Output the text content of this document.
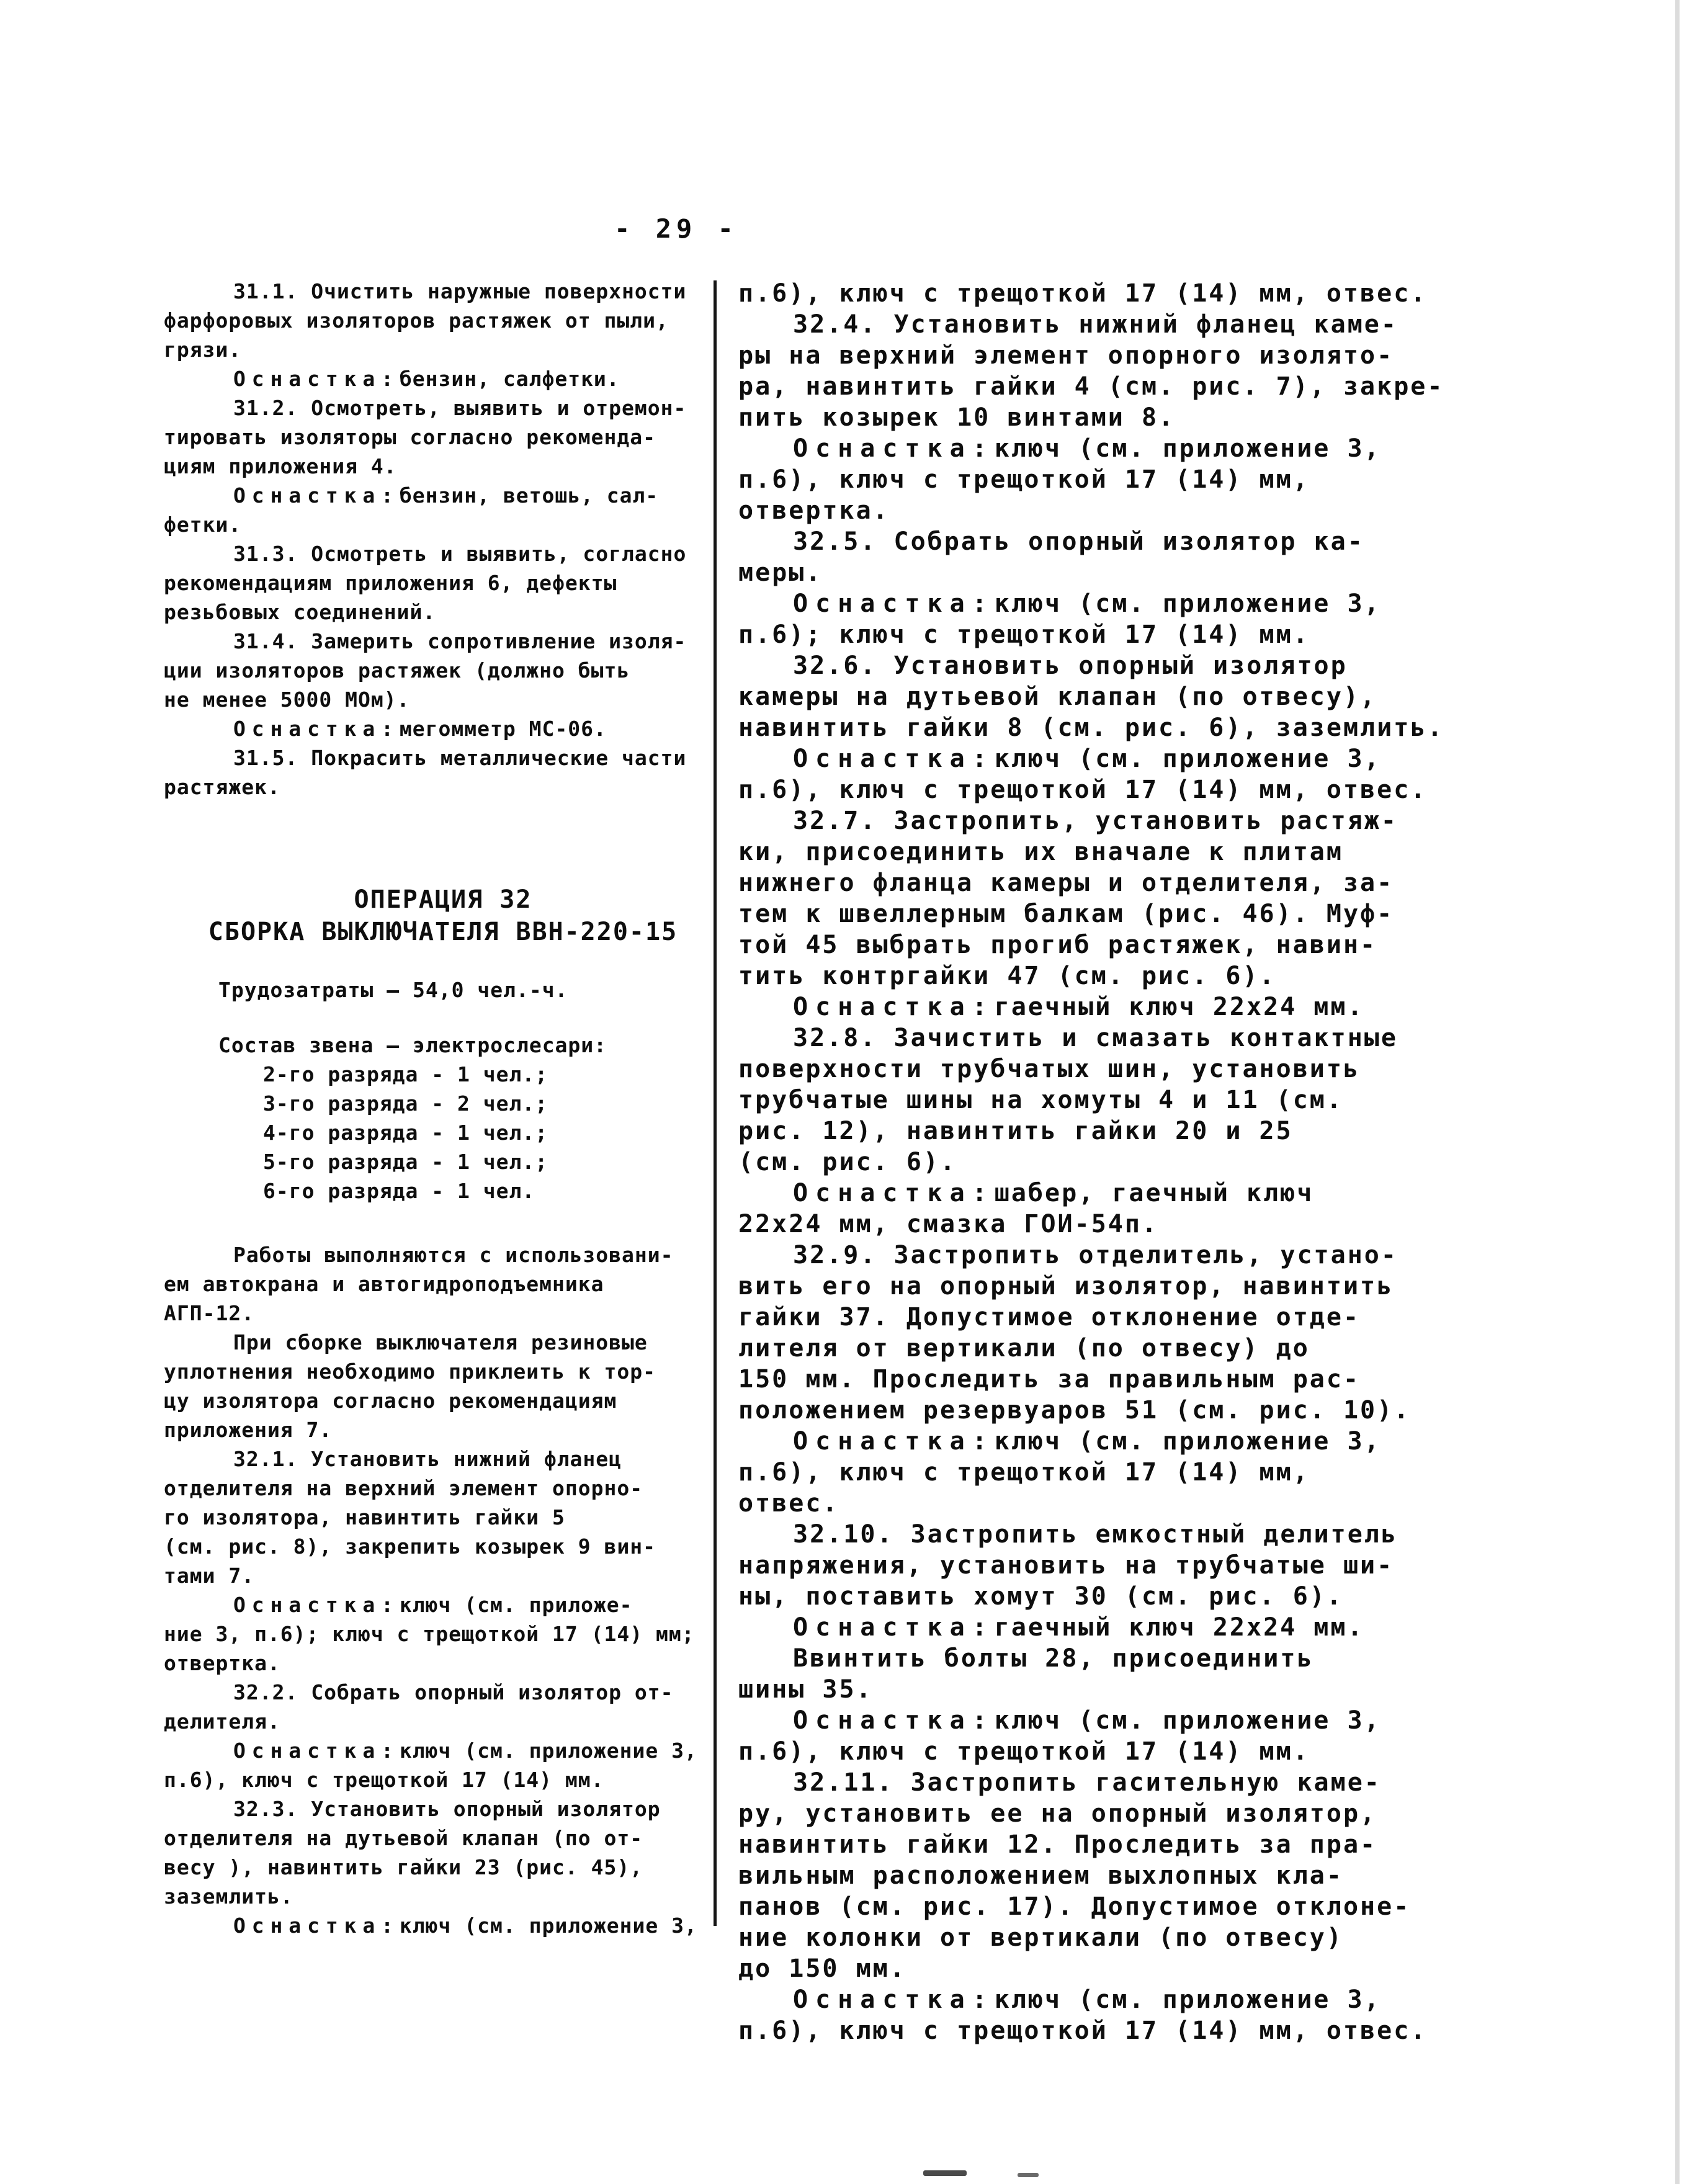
- 29 -
31.1. Очистить наружные поверхности
фарфоровых изоляторов растяжек от пыли,
грязи.
Оснастка:бензин, салфетки.
31.2. Осмотреть, выявить и отремон-
тировать изоляторы согласно рекоменда-
циям приложения 4.
Оснастка:бензин, ветошь, сал-
фетки.
31.3. Осмотреть и выявить, согласно
рекомендациям приложения 6, дефекты
резьбовых соединений.
31.4. Замерить сопротивление изоля-
ции изоляторов растяжек (должно быть
не менее 5000 МОм).
Оснастка:мегомметр МС-06.
31.5. Покрасить металлические части
растяжек.
ОПЕРАЦИЯ 32
СБОРКА ВЫКЛЮЧАТЕЛЯ ВВН-220-15
Трудозатраты — 54,0 чел.-ч.
Состав звена — электрослесари:
2-го разряда - 1 чел.;
3-го разряда - 2 чел.;
4-го разряда - 1 чел.;
5-го разряда - 1 чел.;
6-го разряда - 1 чел.
Работы выполняются с использовани-
ем автокрана и автогидроподъемника
АГП-12.
При сборке выключателя резиновые
уплотнения необходимо приклеить к тор-
цу изолятора согласно рекомендациям
приложения 7.
32.1. Установить нижний фланец
отделителя на верхний элемент опорно-
го изолятора, навинтить гайки 5
(см. рис. 8), закрепить козырек 9 вин-
тами 7.
Оснастка:ключ (см. приложе-
ние 3, п.6); ключ с трещоткой 17 (14) мм;
отвертка.
32.2. Собрать опорный изолятор от-
делителя.
Оснастка:ключ (см. приложение 3,
п.6), ключ с трещоткой 17 (14) мм.
32.3. Установить опорный изолятор
отделителя на дутьевой клапан (по от-
весу ), навинтить гайки 23 (рис. 45),
заземлить.
Оснастка:ключ (см. приложение 3,
п.6), ключ с трещоткой 17 (14) мм, отвес.
32.4. Установить нижний фланец каме-
ры на верхний элемент опорного изолято-
ра, навинтить гайки 4 (см. рис. 7), закре-
пить козырек 10 винтами 8.
Оснастка:ключ (см. приложение 3,
п.6), ключ с трещоткой 17 (14) мм,
отвертка.
32.5. Собрать опорный изолятор ка-
меры.
Оснастка:ключ (см. приложение 3,
п.6); ключ с трещоткой 17 (14) мм.
32.6. Установить опорный изолятор
камеры на дутьевой клапан (по отвесу),
навинтить гайки 8 (см. рис. 6), заземлить.
Оснастка:ключ (см. приложение 3,
п.6), ключ с трещоткой 17 (14) мм, отвес.
32.7. Застропить, установить растяж-
ки, присоединить их вначале к плитам
нижнего фланца камеры и отделителя, за-
тем к швеллерным балкам (рис. 46). Муф-
той 45 выбрать прогиб растяжек, навин-
тить контргайки 47 (см. рис. 6).
Оснастка:гаечный ключ 22х24 мм.
32.8. Зачистить и смазать контактные
поверхности трубчатых шин, установить
трубчатые шины на хомуты 4 и 11 (см.
рис. 12), навинтить гайки 20 и 25
(см. рис. 6).
Оснастка:шабер, гаечный ключ
22х24 мм, смазка ГОИ-54п.
32.9. Застропить отделитель, устано-
вить его на опорный изолятор, навинтить
гайки 37. Допустимое отклонение отде-
лителя от вертикали (по отвесу) до
150 мм. Проследить за правильным рас-
положением резервуаров 51 (см. рис. 10).
Оснастка:ключ (см. приложение 3,
п.6), ключ с трещоткой 17 (14) мм,
отвес.
32.10. Застропить емкостный делитель
напряжения, установить на трубчатые ши-
ны, поставить хомут 30 (см. рис. 6).
Оснастка:гаечный ключ 22х24 мм.
Ввинтить болты 28, присоединить
шины 35.
Оснастка:ключ (см. приложение 3,
п.6), ключ с трещоткой 17 (14) мм.
32.11. Застропить гасительную каме-
ру, установить ее на опорный изолятор,
навинтить гайки 12. Проследить за пра-
вильным расположением выхлопных кла-
панов (см. рис. 17). Допустимое отклоне-
ние колонки от вертикали (по отвесу)
до 150 мм.
Оснастка:ключ (см. приложение 3,
п.6), ключ с трещоткой 17 (14) мм, отвес.
